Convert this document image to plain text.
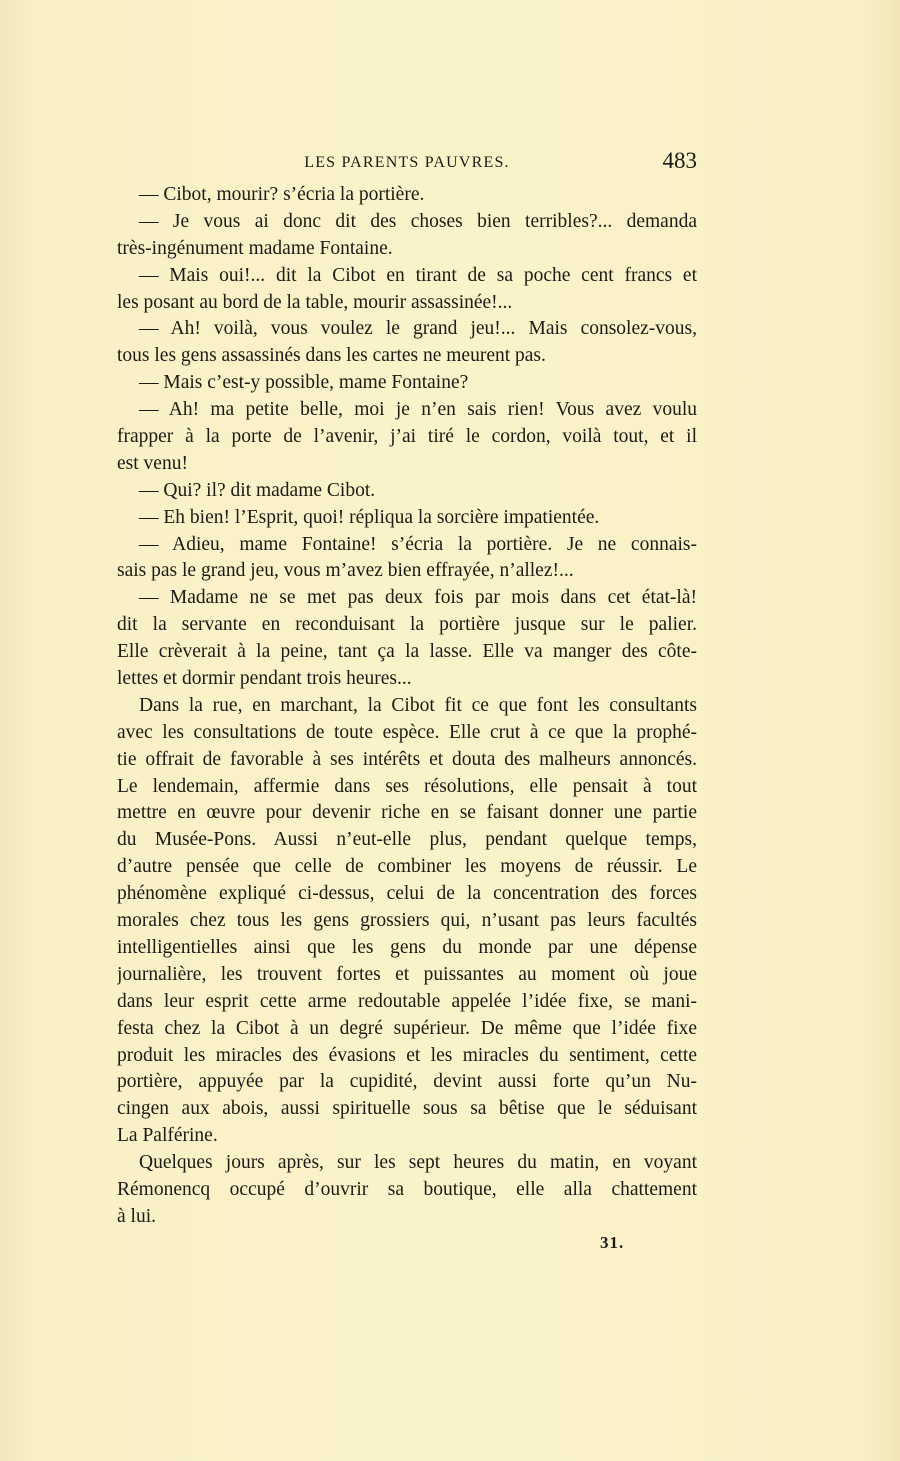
LES PARENTS PAUVRES.	483
— Cibot, mourir? s’écria la portière.
— Je vous ai donc dit des choses bien terribles?... demanda
très-ingénument madame Fontaine.
— Mais oui!... dit la Cibot en tirant de sa poche cent francs et
les posant au bord de la table, mourir assassinée!...
— Ah! voilà, vous voulez le grand jeu!... Mais consolez-vous,
tous les gens assassinés dans les cartes ne meurent pas.
— Mais c’est-y possible, mame Fontaine?
— Ah! ma petite belle, moi je n’en sais rien! Vous avez voulu
frapper à la porte de l’avenir, j’ai tiré le cordon, voilà tout, et il
est venu!
— Qui? il? dit madame Cibot.
— Eh bien! l’Esprit, quoi! répliqua la sorcière impatientée.
— Adieu, mame Fontaine! s’écria la portière. Je ne connais-
sais pas le grand jeu, vous m’avez bien effrayée, n’allez!...
— Madame ne se met pas deux fois par mois dans cet état-là!
dit la servante en reconduisant la portière jusque sur le palier.
Elle crèverait à la peine, tant ça la lasse. Elle va manger des côte-
lettes et dormir pendant trois heures...
Dans la rue, en marchant, la Cibot fit ce que font les consultants
avec les consultations de toute espèce. Elle crut à ce que la prophé-
tie offrait de favorable à ses intérêts et douta des malheurs annoncés.
Le lendemain, affermie dans ses résolutions, elle pensait à tout
mettre en œuvre pour devenir riche en se faisant donner une partie
du Musée-Pons. Aussi n’eut-elle plus, pendant quelque temps,
d’autre pensée que celle de combiner les moyens de réussir. Le
phénomène expliqué ci-dessus, celui de la concentration des forces
morales chez tous les gens grossiers qui, n’usant pas leurs facultés
intelligentielles ainsi que les gens du monde par une dépense
journalière, les trouvent fortes et puissantes au moment où joue
dans leur esprit cette arme redoutable appelée l’idée fixe, se mani-
festa chez la Cibot à un degré supérieur. De même que l’idée fixe
produit les miracles des évasions et les miracles du sentiment, cette
portière, appuyée par la cupidité, devint aussi forte qu’un Nu-
cingen aux abois, aussi spirituelle sous sa bêtise que le séduisant
La Palférine.
Quelques jours après, sur les sept heures du matin, en voyant
Rémonencq occupé d’ouvrir sa boutique, elle alla chattement
à lui.
31.
